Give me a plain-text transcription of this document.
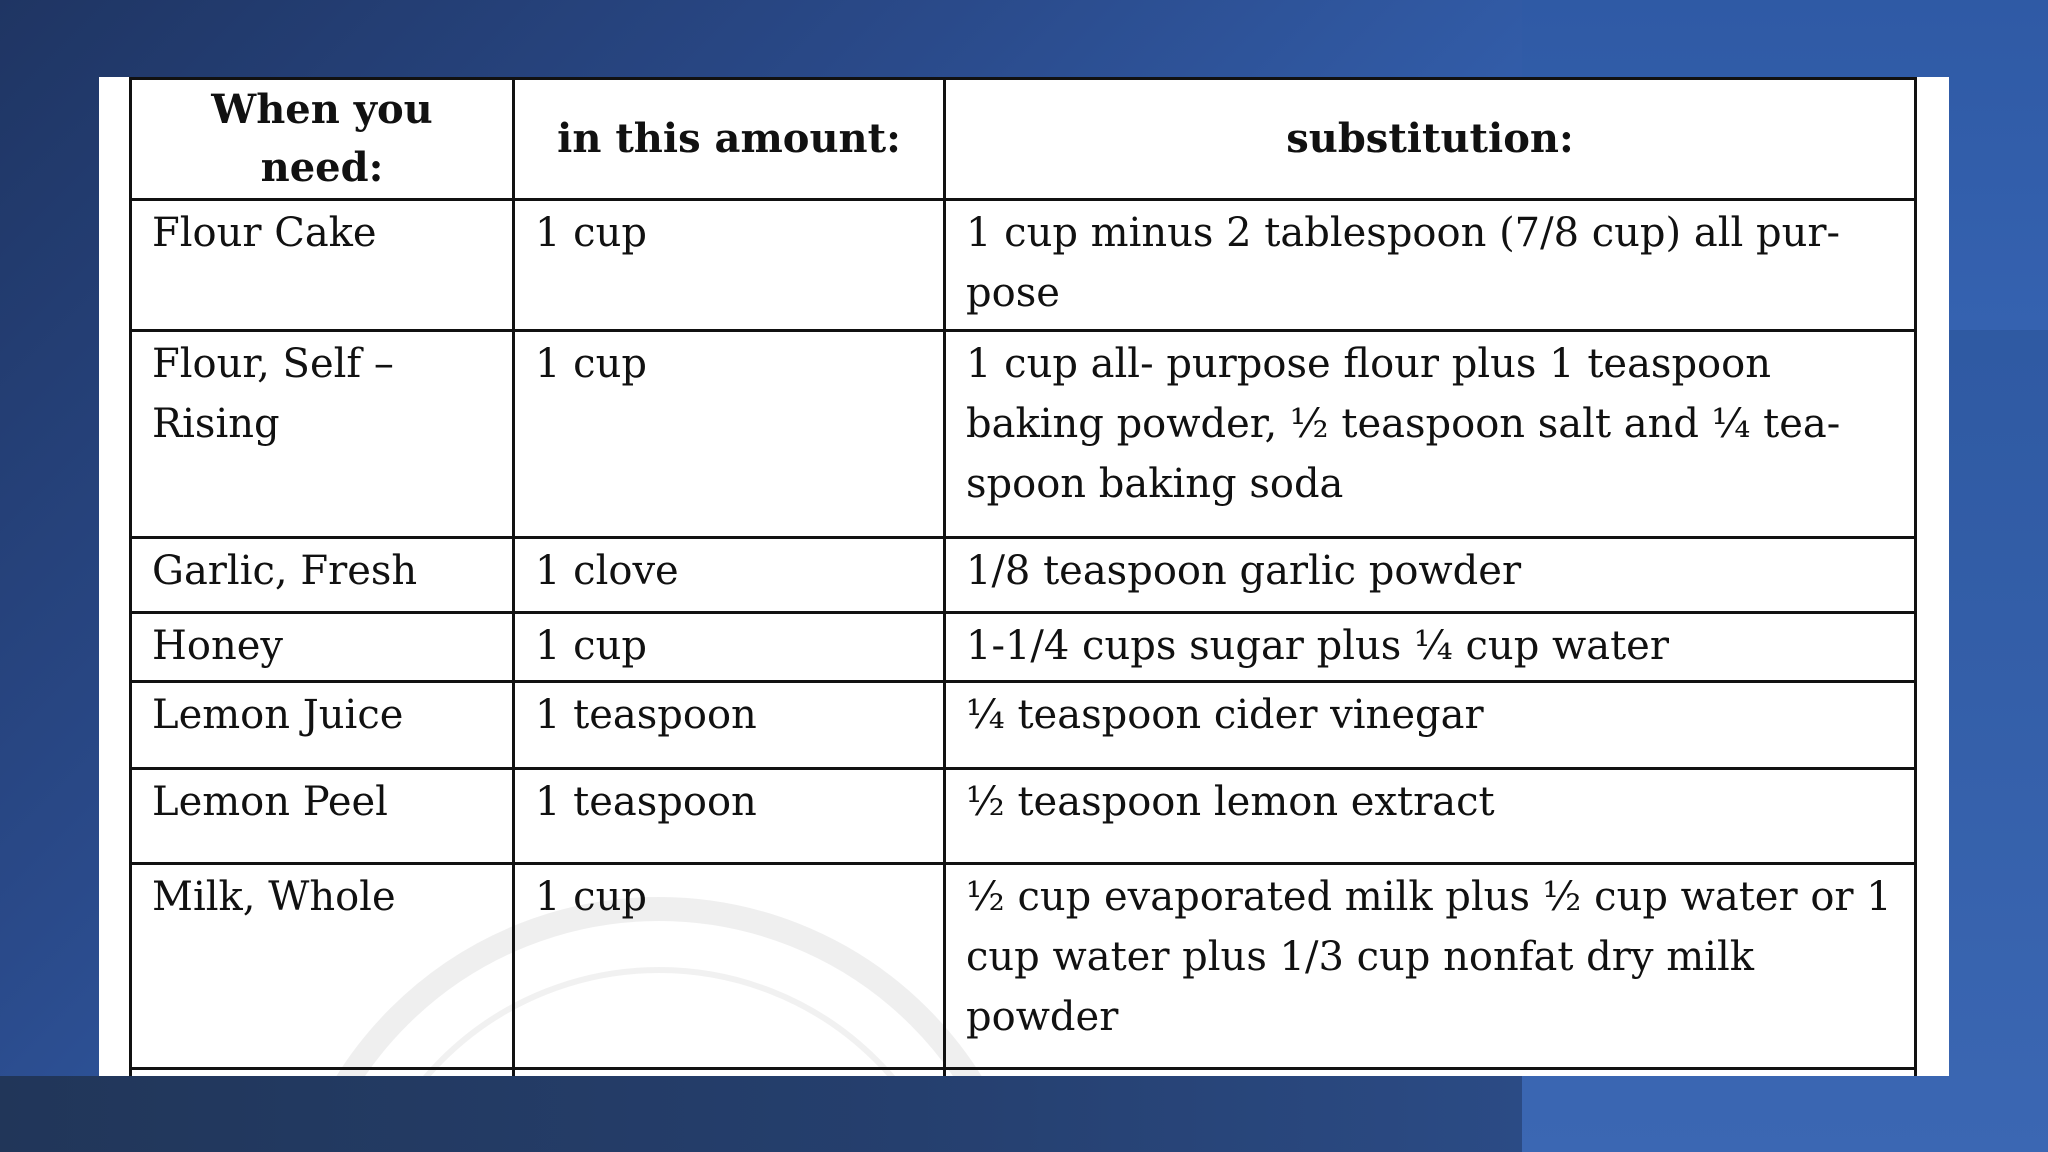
When you need:	in this amount:	substitution:
Flour Cake	1 cup	1 cup minus 2 tablespoon (7/8 cup) all pur-pose
Flour, Self – Rising	1 cup	1 cup all- purpose flour plus 1 teaspoon baking powder, ½ teaspoon salt and ¼ tea-spoon baking soda
Garlic, Fresh	1 clove	1/8 teaspoon garlic powder
Honey	1 cup	1-1/4 cups sugar plus ¼ cup water
Lemon Juice	1 teaspoon	¼ teaspoon cider vinegar
Lemon Peel	1 teaspoon	½ teaspoon lemon extract
Milk, Whole	1 cup	½ cup evaporated milk plus ½ cup water or 1 cup water plus 1/3 cup nonfat dry milk powder
